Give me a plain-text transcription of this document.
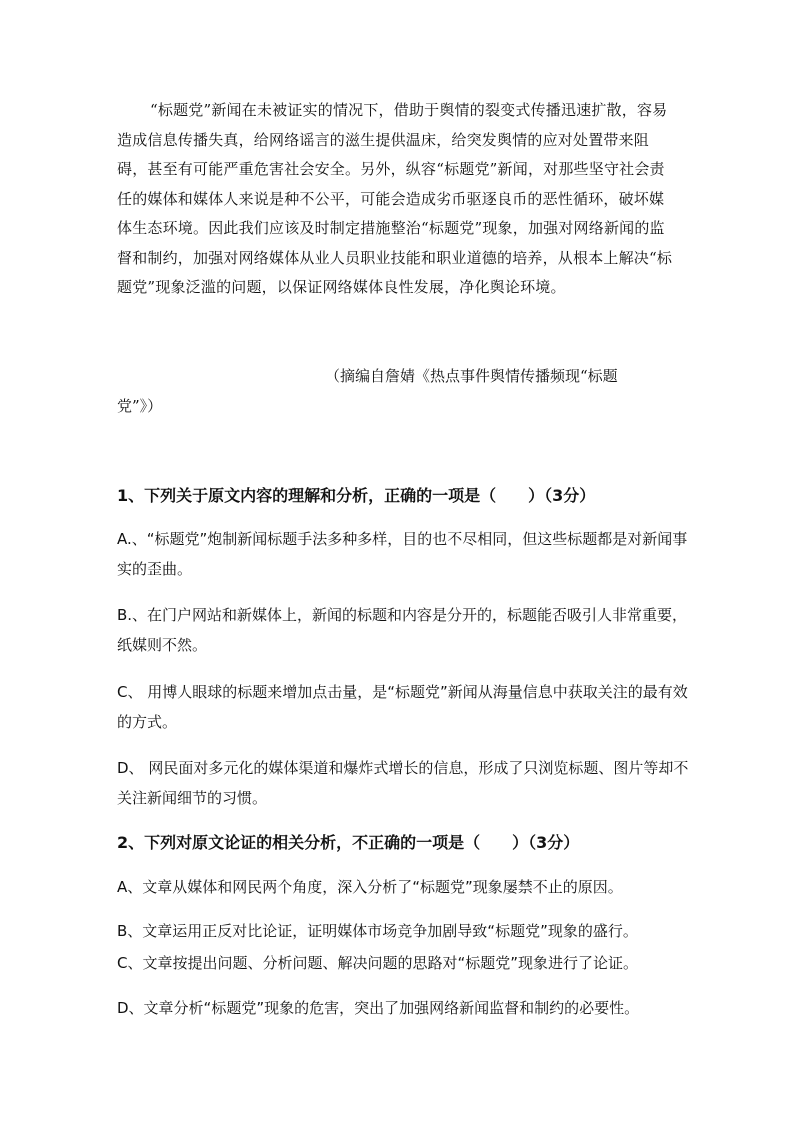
“标题党”新闻在未被证实的情况下，借助于舆情的裂变式传播迅速扩散，容易造成信息传播失真，给网络谣言的滋生提供温床，给突发舆情的应对处置带来阻碍，甚至有可能严重危害社会安全。另外，纵容“标题党”新闻，对那些坚守社会责任的媒体和媒体人来说是种不公平，可能会造成劣币驱逐良币的恶性循环，破坏媒体生态环境。因此我们应该及时制定措施整治“标题党”现象，加强对网络新闻的监督和制约，加强对网络媒体从业人员职业技能和职业道德的培养，从根本上解决“标题党”现象泛滥的问题，以保证网络媒体良性发展，净化舆论环境。

（摘编自詹婧《热点事件舆情传播频现“标题

党”》）

1、下列关于原文内容的理解和分析，正确的一项是（　　）（3分）

A.、“标题党”炮制新闻标题手法多种多样，目的也不尽相同，但这些标题都是对新闻事实的歪曲。

B.、在门户网站和新媒体上，新闻的标题和内容是分开的，标题能否吸引人非常重要，纸媒则不然。

C、 用博人眼球的标题来增加点击量，是“标题党”新闻从海量信息中获取关注的最有效的方式。

D、 网民面对多元化的媒体渠道和爆炸式增长的信息，形成了只浏览标题、图片等却不关注新闻细节的习惯。

2、下列对原文论证的相关分析，不正确的一项是（　　）（3分）

A、文章从媒体和网民两个角度，深入分析了“标题党”现象屡禁不止的原因。

B、文章运用正反对比论证，证明媒体市场竞争加剧导致“标题党”现象的盛行。

C、文章按提出问题、分析问题、解决问题的思路对“标题党”现象进行了论证。

D、文章分析“标题党”现象的危害，突出了加强网络新闻监督和制约的必要性。
